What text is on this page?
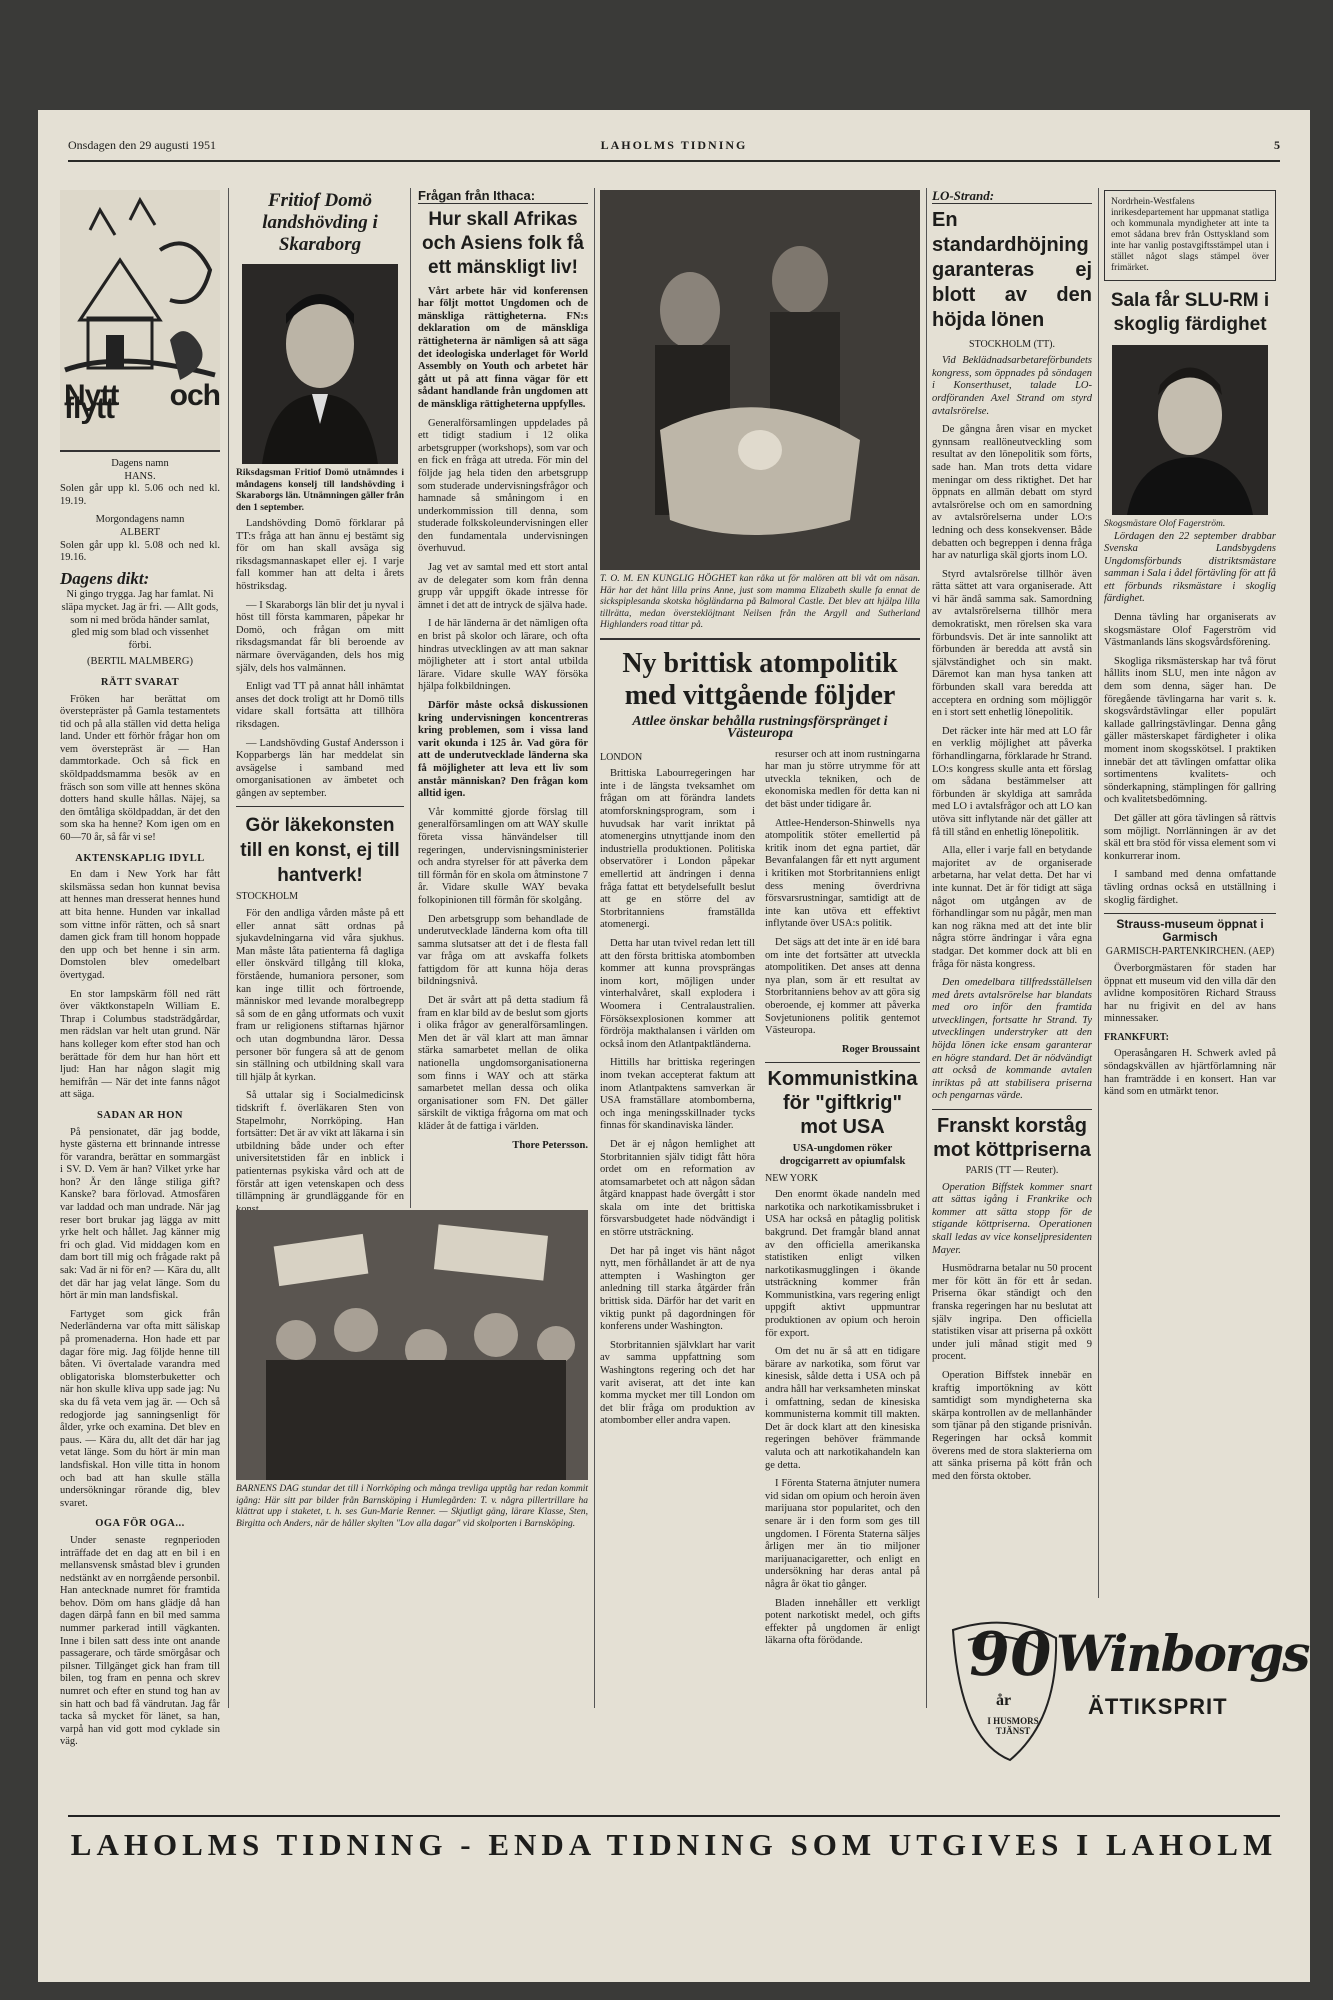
Onsdagen den 29 augusti 1951	LAHOLMS TIDNING	5
Nytt och flytt
Dagens namn
HANS.
Solen går upp kl. 5.06 och ned kl. 19.19.
Morgondagens namn
ALBERT
Solen går upp kl. 5.08 och ned kl. 19.16.
Dagens dikt:
Ni gingo trygga. Jag har famlat. Ni släpa mycket. Jag är fri. — Allt gods, som ni med bröda händer samlat, gled mig som blad och vissenhet förbi.
(BERTIL MALMBERG)
RÄTT SVARAT

Fröken har berättat om överstepräster på Gamla testamentets tid och på alla ställen vid detta heliga land. Under ett förhör frågar hon om vem överstepräst är — Han dammtorkade. Och så fick en sköldpaddsmamma besök av en fräsch son som ville att hennes sköna dotters hand skulle hållas. Näjej, sa den ömtåliga sköldpaddan, är det den som ska ha henne? Kom igen om en 60—70 år, så får vi se!

AKTENSKAPLIG IDYLL

En dam i New York har fått skilsmässa sedan hon kunnat bevisa att hennes man dresserat hennes hund att bita henne. Hunden var inkallad som vittne inför rätten, och så snart damen gick fram till honom hoppade den upp och bet henne i sin arm. Domstolen blev omedelbart övertygad.

En stor lampskärm föll ned rätt över väktkonstapeln William E. Thrap i Columbus stadsträdgårdar, men rädslan var helt utan grund. När hans kolleger kom efter stod han och berättade för dem hur han hört ett ljud: Han har någon slagit mig hemifrån — När det inte fanns något att säga.

SADAN AR HON

På pensionatet, där jag bodde, hyste gästerna ett brinnande intresse för varandra, berättar en sommargäst i SV. D. Vem är han? Vilket yrke har hon? Är den långe stiliga gift? Kanske? bara förlovad. Atmosfären var laddad och man undrade. När jag reser bort brukar jag lägga av mitt yrke helt och hållet. Jag känner mig fri och glad. Vid middagen kom en dam bort till mig och frågade rakt på sak: Vad är ni för en? — Kära du, allt det där har jag velat länge. Som du hört är min man landsfiskal.

Fartyget som gick från Nederländerna var ofta mitt säliskap på promenaderna. Hon hade ett par dagar före mig. Jag följde henne till båten. Vi övertalade varandra med obligatoriska blomsterbuketter och när hon skulle kliva upp sade jag: Nu ska du få veta vem jag är. — Och så redogjorde jag sanningsenligt för ålder, yrke och examina. Det blev en paus. — Kära du, allt det där har jag vetat länge. Som du hört är min man landsfiskal. Hon ville titta in honom och bad att han skulle ställa undersökningar rörande dig, blev svaret.

OGA FÖR OGA...

Under senaste regnperioden inträffade det en dag att en bil i en mellansvensk småstad blev i grunden nedstänkt av en norrgående personbil. Han antecknade numret för framtida behov. Döm om hans glädje då han dagen därpå fann en bil med samma nummer parkerad intill vägkanten. Inne i bilen satt dess inte ont anande passagerare, och tärde smörgåsar och pilsner. Tillgänget gick han fram till bilen, tog fram en penna och skrev numret och efter en stund tog han av sin hatt och bad få vändrutan. Jag får tacka så mycket för länet, sa han, varpå han vid gott mod cyklade sin väg.

Fritiof Domö landshövding i Skaraborg
Riksdagsman Fritiof Domö utnämndes i måndagens konselj till landshövding i Skaraborgs län. Utnämningen gäller från den 1 september.

Landshövding Domö förklarar på TT:s fråga att han ännu ej bestämt sig för om han skall avsäga sig riksdagsmannaskapet eller ej. I varje fall kommer han att delta i årets höstriksdag.

— I Skaraborgs län blir det ju nyval i höst till första kammaren, påpekar hr Domö, och frågan om mitt riksdagsmandat får bli beroende av närmare överväganden, dels hos mig själv, dels hos valmännen.

Enligt vad TT på annat håll inhämtat anses det dock troligt att hr Domö tills vidare skall fortsätta att tillhöra riksdagen.

— Landshövding Gustaf Andersson i Kopparbergs län har meddelat sin avsägelse i samband med omorganisationen av ämbetet och gången av september.

Gör läkekonsten till en konst, ej till hantverk!
STOCKHOLM

För den andliga vården måste på ett eller annat sätt ordnas på sjukavdelningarna vid våra sjukhus. Man måste låta patienterna få dagliga eller önskvärd tillgång till kloka, förstående, humaniora personer, som kan inge tillit och förtroende, människor med levande moralbegrepp så som de en gång utformats och vuxit fram ur religionens stiftarnas hjärnor och utan dogmbundna läror. Dessa personer bör fungera så att de genom sin ställning och utbildning skall vara till hjälp åt kyrkan.

Så uttalar sig i Socialmedicinsk tidskrift f. överläkaren Sten von Stapelmohr, Norrköping. Han fortsätter: Det är av vikt att läkarna i sin utbildning både under och efter universitetstiden får en inblick i patienternas psykiska vård och att de förstår att igen vetenskapen och dess tillämpning är grundläggande för en

Frågan från Ithaca:
Hur skall Afrikas och Asiens folk få ett mänskligt liv!

Vårt arbete här vid konferensen har följt mottot Ungdomen och de mänskliga rättigheterna. FN:s deklaration om de mänskliga rättigheterna är nämligen så att säga det ideologiska underlaget för World Assembly on Youth och arbetet här gått ut på att finna vägar för ett sådant handlande från ungdomen att de mänskliga rättigheterna uppfylles.

Generalförsamlingen uppdelades på ett tidigt stadium i 12 olika arbetsgrupper (workshops), som var och en fick en fråga att utreda. För min del följde jag hela tiden den arbetsgrupp som studerade undervisningsfrågor och hamnade så småningom i en underkommission till denna, som studerade folkskoleundervisningen eller den fundamentala undervisningen överhuvud.

Jag vet av samtal med ett stort antal av de delegater som kom från denna grupp vår uppgift ökade intresse för ämnet i det att de intryck de själva hade.

I de här länderna är det nämligen ofta en brist på skolor och lärare, och ofta hindras utvecklingen av att man saknar möjligheter att i stort antal utbilda lärare. Vidare skulle WAY försöka hjälpa folkbildningen.

Därför måste också diskussionen kring undervisningen koncentreras kring problemen, som i vissa land varit okunda i 125 år. Vad göra för att de underutvecklade länderna ska få möjligheter att leva ett liv som anstår människan? Den frågan kom alltid igen.

Vår kommitté gjorde förslag till generalförsamlingen om att WAY skulle företa vissa hänvändelser till regeringen, undervisningsministerier och andra styrelser för att påverka dem till förmån för en skola om åtminstone 7 år. Vidare skulle WAY bevaka folkopinionen till förmån för skolgång.

Den arbetsgrupp som behandlade de underutvecklade länderna kom ofta till samma slutsatser att det i de flesta fall var fråga om att avskaffa folkets fattigdom för att kunna höja deras bildningsnivå.

Det är svårt att på detta stadium få fram en klar bild av de beslut som gjorts i olika frågor av generalförsamlingen. Men det är väl klart att man ämnar stärka samarbetet mellan de olika nationella ungdomsorganisationerna som finns i WAY och att stärka samarbetet mellan dessa och olika organisationer som FN. Det gäller särskilt de viktiga frågorna om mat och kläder åt de fattiga i världen.

Thore Petersson.
BARNENS DAG stundar det till i Norrköping och många trevliga upptåg har redan kommit igång: Här sitt par bilder från Barnsköping i Humlegården: T. v. några pillertrillare ha klättrat upp i staketet, t. h. ses Gun-Marie Renner. — Skjutligt gäng, lärare Klasse, Sten, Birgitta och Anders, när de håller skylten "Lov alla dagar" vid skolporten i Barnsköping.
T. O. M. EN KUNGLIG HÖGHET kan råka ut för malören att bli våt om näsan. Här har det hänt lilla prins Anne, just som mamma Elizabeth skulle fa ennat de sickspiplesanda skotska högländarna på Balmoral Castle. Det blev att hjälpa lilla tillrätta, medan översteklöjtnant Neilsen från the Argyll and Sutherland Highlanders road tittar på.
Ny brittisk atompolitik med vittgående följder
Attlee önskar behålla rustningsförspränget i Västeuropa
LONDON

Brittiska Labourregeringen har inte i de längsta tveksamhet om frågan om att förändra landets atomforskningsprogram, som i huvudsak har varit inriktat på atomenergins utnyttjande inom den industriella produktionen. Politiska observatörer i London påpekar emellertid att ändringen i denna fråga fattat ett betydelsefullt beslut att ge en större del av Storbritanniens framställda atomenergi.

Detta har utan tvivel redan lett till att den första brittiska atombomben kommer att kunna provsprängas inom kort, möjligen under vinterhalvåret, skall explodera i Woomera i Centralaustralien. Försöksexplosionen kommer att fördröja makthalansen i världen om också inom den Atlantpaktländerna.

Hittills har brittiska regeringen inom tvekan accepterat faktum att inom Atlantpaktens samverkan är USA framställare atombomberna, och inga meningsskillnader tycks finnas för skandinaviska länder.

Det är ej någon hemlighet att Storbritannien själv tidigt fått höra ordet om en reformation av atomsamarbetet och att någon sådan åtgärd knappast hade övergått i stor skala om inte det brittiska försvarsbudgetet hade nödvändigt i en större utsträckning.

Det har på inget vis hänt något nytt, men förhållandet är att de nya attempten i Washington ger anledning till starka åtgärder från brittisk sida. Därför har det varit en viktig punkt på dagordningen för konferens under Washington.

Storbritannien självklart har varit av samma uppfattning som Washingtons regering och det har varit aviserat, att det inte kan komma mycket mer till London om det blir fråga om produktion av atombomber eller andra vapen.

resurser och att inom rustningarna har man ju större utrymme för att utveckla tekniken, och de ekonomiska medlen för detta kan ni det bäst under tidigare år.

Attlee-Henderson-Shinwells nya atompolitik stöter emellertid på kritik inom det egna partiet, där Bevanfalangen får ett nytt argument i kritiken mot Storbritanniens enligt dess mening överdrivna försvarsrustningar, samtidigt att de inte kan utöva ett effektivt inflytande över USA:s politik.

Det sägs att det inte är en idé bara om inte det fortsätter att utveckla atompolitiken. Det anses att denna nya plan, som är ett resultat av Storbritanniens behov av att göra sig oberoende, ej kommer att påverka Sovjetunionens politik gentemot Västeuropa.

Roger Broussaint
Kommunistkina för "giftkrig" mot USA
USA-ungdomen röker drogcigarrett av opiumfalsk
NEW YORK

Den enormt ökade nandeln med narkotika och narkotikamissbruket i USA har också en påtaglig politisk bakgrund. Det framgår bland annat av den officiella amerikanska statistiken enligt vilken narkotikasmugglingen i ökande utsträckning kommer från Kommunistkina, vars regering enligt uppgift aktivt uppmuntrar produktionen av opium och heroin för export.

Om det nu är så att en tidigare bärare av narkotika, som förut var kinesisk, sålde detta i USA och på andra håll har verksamheten minskat i omfattning, sedan de kinesiska kommunisterna kommit till makten. Det är dock klart att den kinesiska regeringen behöver främmande valuta och att narkotikahandeln kan ge detta.

I Förenta Staterna ätnjuter numera vid sidan om opium och heroin även marijuana stor popularitet, och den senare är i den form som ges till ungdomen. I Förenta Staterna säljes årligen mer än tio miljoner marijuanacigaretter, och enligt en undersökning har deras antal på några år ökat tio gånger.

Bladen innehåller ett verkligt potent narkotiskt medel, och gifts effekter på ungdomen är enligt läkarna ofta förödande.

LO-Strand:
En standardhöjning garanteras ej blott av den höjda lönen
STOCKHOLM (TT).

Vid Beklädnadsarbetareförbundets kongress, som öppnades på söndagen i Konserthuset, talade LO-ordföranden Axel Strand om styrd avtalsrörelse.

De gångna åren visar en mycket gynnsam reallöneutveckling som resultat av den lönepolitik som förts, sade han. Man trots detta vidare meningar om dess riktighet. Det har öppnats en allmän debatt om styrd avtalsrörelse och om en samordning av avtalsrörelserna under LO:s ledning och dess konsekvenser. Både debatten och begreppen i denna fråga har av naturliga skäl gjorts inom LO.

Styrd avtalsrörelse tillhör även rätta sättet att vara organiserade. Att vi här ändå samma sak. Samordning av avtalsrörelserna tillhör mera demokratiskt, men rörelsen ska vara förbundsvis. Det är inte sannolikt att förbunden är beredda att avstå sin självständighet och sin makt. Däremot kan man hysa tanken att förbunden skall vara beredda att acceptera en ordning som möjliggör en i stort sett enhetlig lönepolitik.

Det räcker inte här med att LO får en verklig möjlighet att påverka förhandlingarna, förklarade hr Strand. LO:s kongress skulle anta ett förslag om sådana bestämmelser att förbunden är skyldiga att samråda med LO i avtalsfrågor och att LO kan utöva sitt inflytande när det gäller att få till stånd en enhetlig lönepolitik.

Alla, eller i varje fall en betydande majoritet av de organiserade arbetarna, har velat detta. Det har vi inte kunnat. Det är för tidigt att säga något om utgången av de förhandlingar som nu pågår, men man kan nog räkna med att det inte blir några större ändringar i våra egna stadgar. Det kommer dock att bli en fråga för nästa kongress.

Den omedelbara tillfredsställelsen med årets avtalsrörelse har blandats med oro inför den framtida utvecklingen, fortsatte hr Strand. Ty utvecklingen understryker att den höjda lönen icke ensam garanterar en högre standard. Det är nödvändigt att också de kommande avtalen inriktas på att stabilisera priserna och pengarnas värde.

Franskt korståg mot köttpriserna
PARIS (TT — Reuter).

Operation Biffstek kommer snart att sättas igång i Frankrike och kommer att sätta stopp för de stigande köttpriserna. Operationen skall ledas av vice konseljpresidenten Mayer.

Husmödrarna betalar nu 50 procent mer för kött än för ett år sedan. Priserna ökar ständigt och den franska regeringen har nu beslutat att själv ingripa. Den officiella statistiken visar att priserna på oxkött under juli månad stigit med 9 procent.

Operation Biffstek innebär en kraftig importökning av kött samtidigt som myndigheterna ska skärpa kontrollen av de mellanhänder som tjänar på den stigande prisnivån. Regeringen har också kommit överens med de stora slakterierna om att sänka priserna på kött från och med den första oktober.

Nordrhein-Westfalens inrikesdepartement har uppmanat statliga och kommunala myndigheter att inte ta emot sådana brev från Osttyskland som inte har vanlig postavgiftsstämpel utan i stället något slags stämpel över frimärket.
Sala får SLU-RM i skoglig färdighet
Skogsmästare Olof Fagerström.

Lördagen den 22 september drabbar Svenska Landsbygdens Ungdomsförbunds distriktsmästare samman i Sala i ådel förtävling för att få ett förbunds riksmästare i skoglig färdighet.

Denna tävling har organiserats av skogsmästare Olof Fagerström vid Västmanlands läns skogsvårdsförening.

Skogliga riksmästerskap har två förut hållits inom SLU, men inte någon av dem som denna, säger han. De föregående tävlingarna har varit s. k. skogsvårdstävlingar eller populärt kallade gallringstävlingar. Denna gång gäller mästerskapet färdigheter i olika moment inom skogsskötsel. I praktiken innebär det att tävlingen omfattar olika sortimentens kvalitets- och sönderkapning, stämplingen för gallring och kvalitetsbedömning.

Det gäller att göra tävlingen så rättvis som möjligt. Norrlänningen är av det skäl ett bra stöd för vissa element som vi konkurrerar inom.

I samband med denna omfattande tävling ordnas också en utställning i skoglig färdighet.

Strauss-museum öppnat i Garmisch
GARMISCH-PARTENKIRCHEN. (AEP)

Överborgmästaren för staden har öppnat ett museum vid den villa där den avlidne kompositören Richard Strauss har nu frigivit en del av hans minnessaker.

FRANKFURT:

Operasångaren H. Schwerk avled på söndagskvällen av hjärtförlamning när han framträdde i en konsert. Han var känd som en utmärkt tenor.

90
år
I HUSMORS TJÄNST
Winborgs
ÄTTIKSPRIT
LAHOLMS TIDNING - ENDA TIDNING SOM UTGIVES I LAHOLM
